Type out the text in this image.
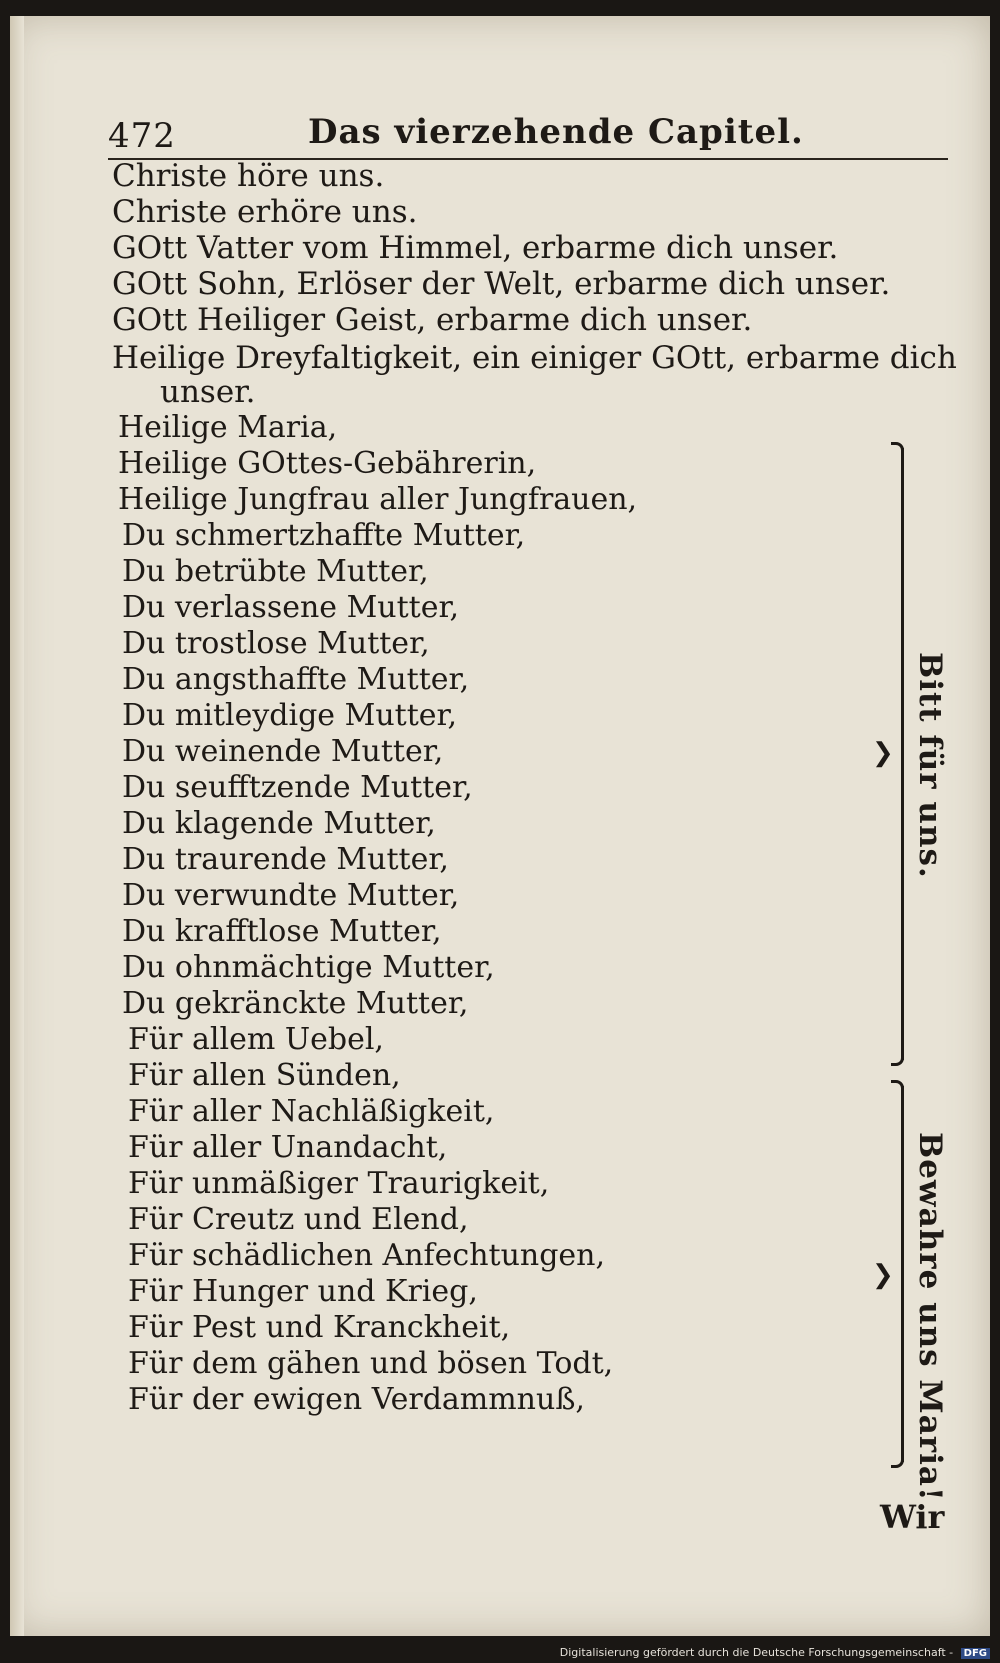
472	Das vierzehende Capitel.
Christe höre uns.
Christe erhöre uns.
GOtt Vatter vom Himmel, erbarme dich unser.
GOtt Sohn, Erlöser der Welt, erbarme dich unser.
GOtt Heiliger Geist, erbarme dich unser.
Heilige Dreyfaltigkeit, ein einiger GOtt, erbarme dich
unser.
Heilige Maria,
Heilige GOttes-Gebährerin,
Heilige Jungfrau aller Jungfrauen,
Du schmertzhaffte Mutter,
Du betrübte Mutter,
Du verlassene Mutter,
Du trostlose Mutter,
Du angsthaffte Mutter,
Du mitleydige Mutter,
Du weinende Mutter,
Du seufftzende Mutter,
Du klagende Mutter,
Du traurende Mutter,
Du verwundte Mutter,
Du krafftlose Mutter,
Du ohnmächtige Mutter,
Du gekränckte Mutter,
❯ Bitt für uns.
Für allem Uebel,
Für allen Sünden,
Für aller Nachläßigkeit,
Für aller Unandacht,
Für unmäßiger Traurigkeit,
Für Creutz und Elend,
Für schädlichen Anfechtungen,
Für Hunger und Krieg,
Für Pest und Kranckheit,
Für dem gähen und bösen Todt,
Für der ewigen Verdammnuß,
❯ Bewahre uns Maria!
Wir
Digitalisierung gefördert durch die Deutsche Forschungsgemeinschaft - DFG
